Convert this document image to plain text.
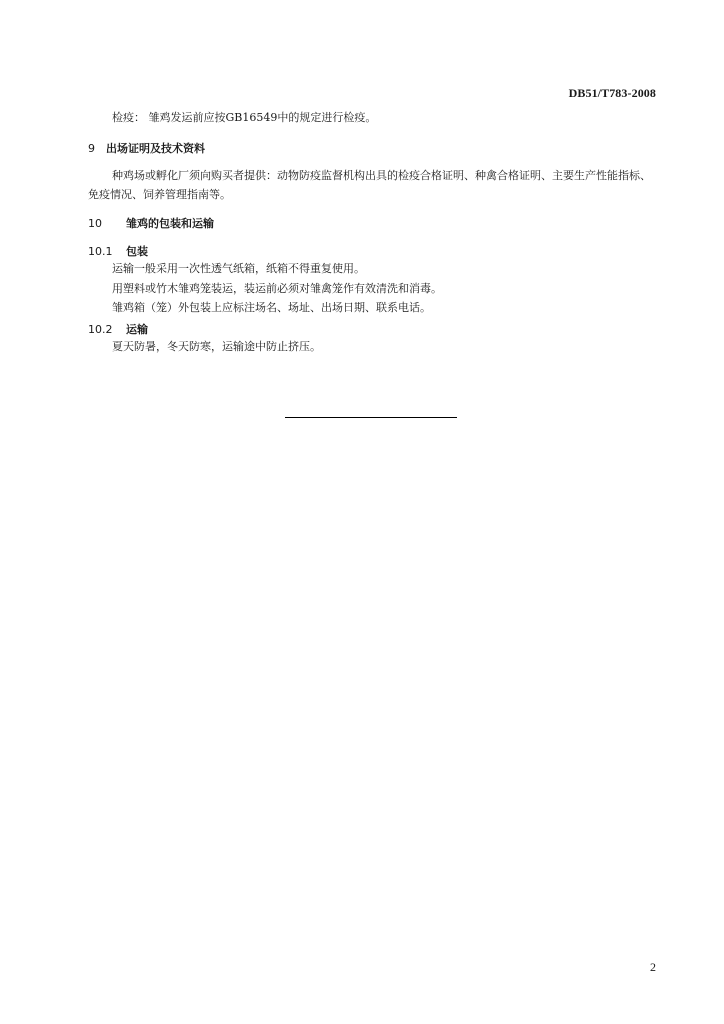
DB51/T783-2008
检疫： 雏鸡发运前应按GB16549中的规定进行检疫。
9 出场证明及技术资料
种鸡场或孵化厂须向购买者提供：动物防疫监督机构出具的检疫合格证明、种禽合格证明、主要生产性能指标、免疫情况、饲养管理指南等。
10 雏鸡的包装和运输
10.1 包装
运输一般采用一次性透气纸箱，纸箱不得重复使用。
用塑料或竹木雏鸡笼装运，装运前必须对雏禽笼作有效清洗和消毒。
雏鸡箱（笼）外包装上应标注场名、场址、出场日期、联系电话。
10.2 运输
夏天防暑，冬天防寒，运输途中防止挤压。
2
